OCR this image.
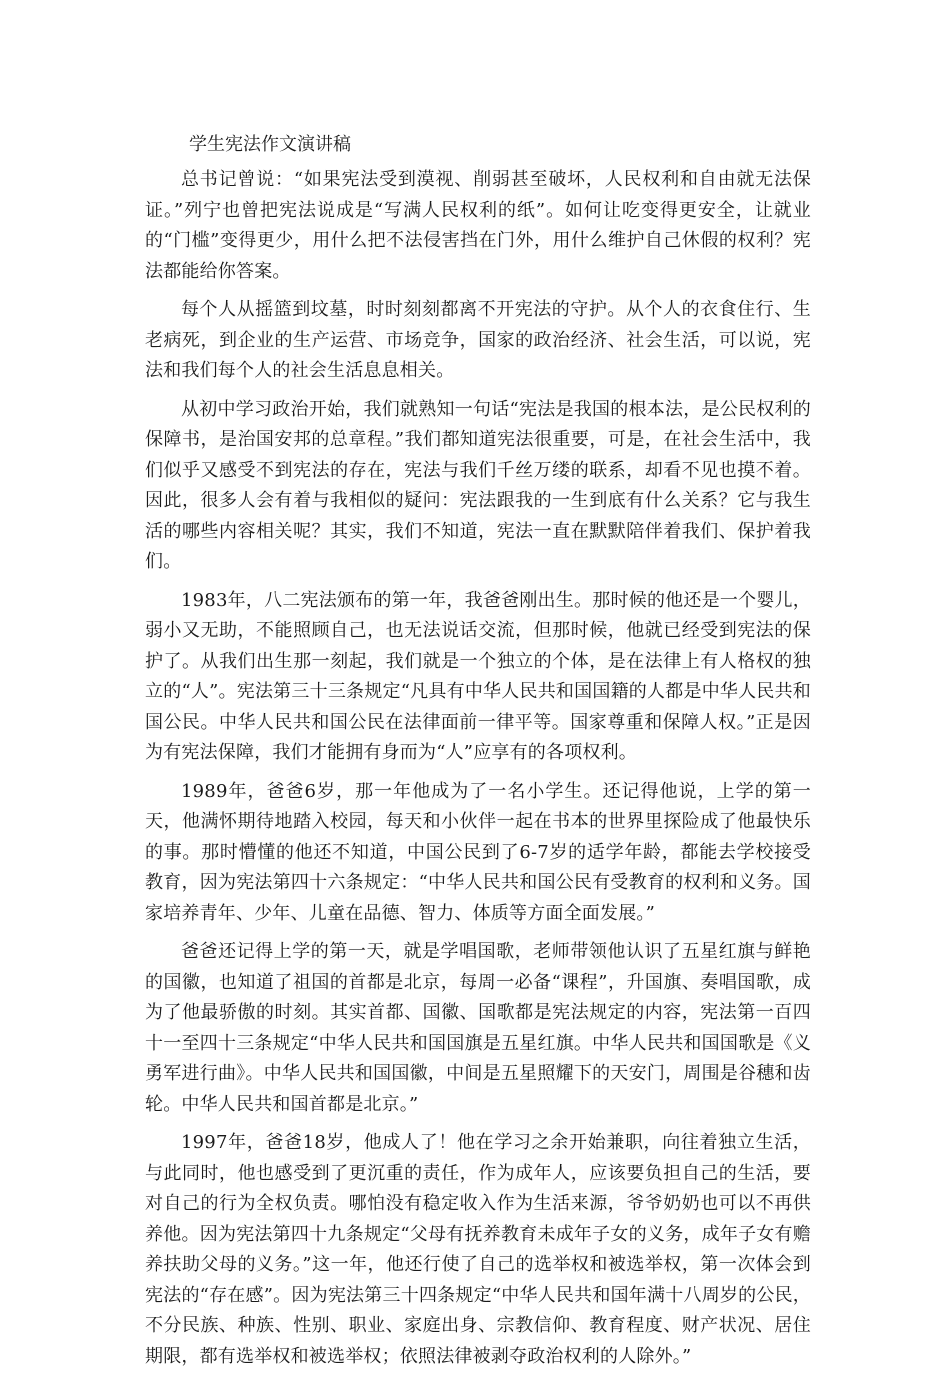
学生宪法作文演讲稿

总书记曾说：“如果宪法受到漠视、削弱甚至破坏，人民权利和自由就无法保证。”列宁也曾把宪法说成是“写满人民权利的纸”。如何让吃变得更安全，让就业的“门槛”变得更少，用什么把不法侵害挡在门外，用什么维护自己休假的权利？宪法都能给你答案。

每个人从摇篮到坟墓，时时刻刻都离不开宪法的守护。从个人的衣食住行、生老病死，到企业的生产运营、市场竞争，国家的政治经济、社会生活，可以说，宪法和我们每个人的社会生活息息相关。

从初中学习政治开始，我们就熟知一句话“宪法是我国的根本法，是公民权利的保障书，是治国安邦的总章程。”我们都知道宪法很重要，可是，在社会生活中，我们似乎又感受不到宪法的存在，宪法与我们千丝万缕的联系，却看不见也摸不着。因此，很多人会有着与我相似的疑问：宪法跟我的一生到底有什么关系？它与我生活的哪些内容相关呢？其实，我们不知道，宪法一直在默默陪伴着我们、保护着我们。

1983年，八二宪法颁布的第一年，我爸爸刚出生。那时候的他还是一个婴儿，弱小又无助，不能照顾自己，也无法说话交流，但那时候，他就已经受到宪法的保护了。从我们出生那一刻起，我们就是一个独立的个体，是在法律上有人格权的独立的“人”。宪法第三十三条规定“凡具有中华人民共和国国籍的人都是中华人民共和国公民。中华人民共和国公民在法律面前一律平等。国家尊重和保障人权。”正是因为有宪法保障，我们才能拥有身而为“人”应享有的各项权利。

1989年，爸爸6岁，那一年他成为了一名小学生。还记得他说，上学的第一天，他满怀期待地踏入校园，每天和小伙伴一起在书本的世界里探险成了他最快乐的事。那时懵懂的他还不知道，中国公民到了6-7岁的适学年龄，都能去学校接受教育，因为宪法第四十六条规定：“中华人民共和国公民有受教育的权利和义务。国家培养青年、少年、儿童在品德、智力、体质等方面全面发展。”

爸爸还记得上学的第一天，就是学唱国歌，老师带领他认识了五星红旗与鲜艳的国徽，也知道了祖国的首都是北京，每周一必备“课程”，升国旗、奏唱国歌，成为了他最骄傲的时刻。其实首都、国徽、国歌都是宪法规定的内容，宪法第一百四十一至四十三条规定“中华人民共和国国旗是五星红旗。中华人民共和国国歌是《义勇军进行曲》。中华人民共和国国徽，中间是五星照耀下的天安门，周围是谷穗和齿轮。中华人民共和国首都是北京。”

1997年，爸爸18岁，他成人了！他在学习之余开始兼职，向往着独立生活，与此同时，他也感受到了更沉重的责任，作为成年人，应该要负担自己的生活，要对自己的行为全权负责。哪怕没有稳定收入作为生活来源，爷爷奶奶也可以不再供养他。因为宪法第四十九条规定“父母有抚养教育未成年子女的义务，成年子女有赡养扶助父母的义务。”这一年，他还行使了自己的选举权和被选举权，第一次体会到宪法的“存在感”。因为宪法第三十四条规定“中华人民共和国年满十八周岁的公民，不分民族、种族、性别、职业、家庭出身、宗教信仰、教育程度、财产状况、居住期限，都有选举权和被选举权；依照法律被剥夺政治权利的人除外。”
